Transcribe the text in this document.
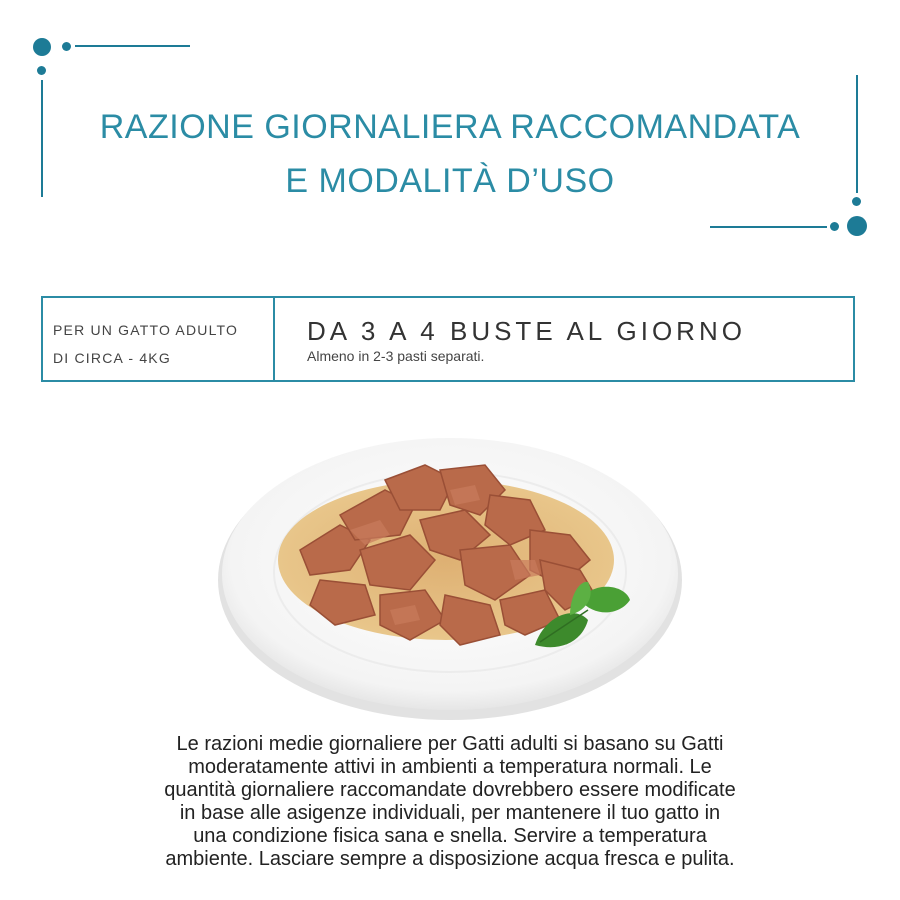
RAZIONE GIORNALIERA RACCOMANDATA
E MODALITÀ D’USO
PER UN GATTO ADULTO
DI CIRCA - 4KG
DA 3 A 4 BUSTE AL GIORNO
Almeno in 2-3 pasti separati.
Le razioni medie giornaliere per Gatti adulti si basano su Gatti
moderatamente attivi in ambienti a temperatura normali. Le
quantità giornaliere raccomandate dovrebbero essere modificate
in base alle asigenze individuali, per mantenere il tuo gatto in
una condizione fisica sana e snella. Servire a temperatura
ambiente. Lasciare sempre a disposizione acqua fresca e pulita.
